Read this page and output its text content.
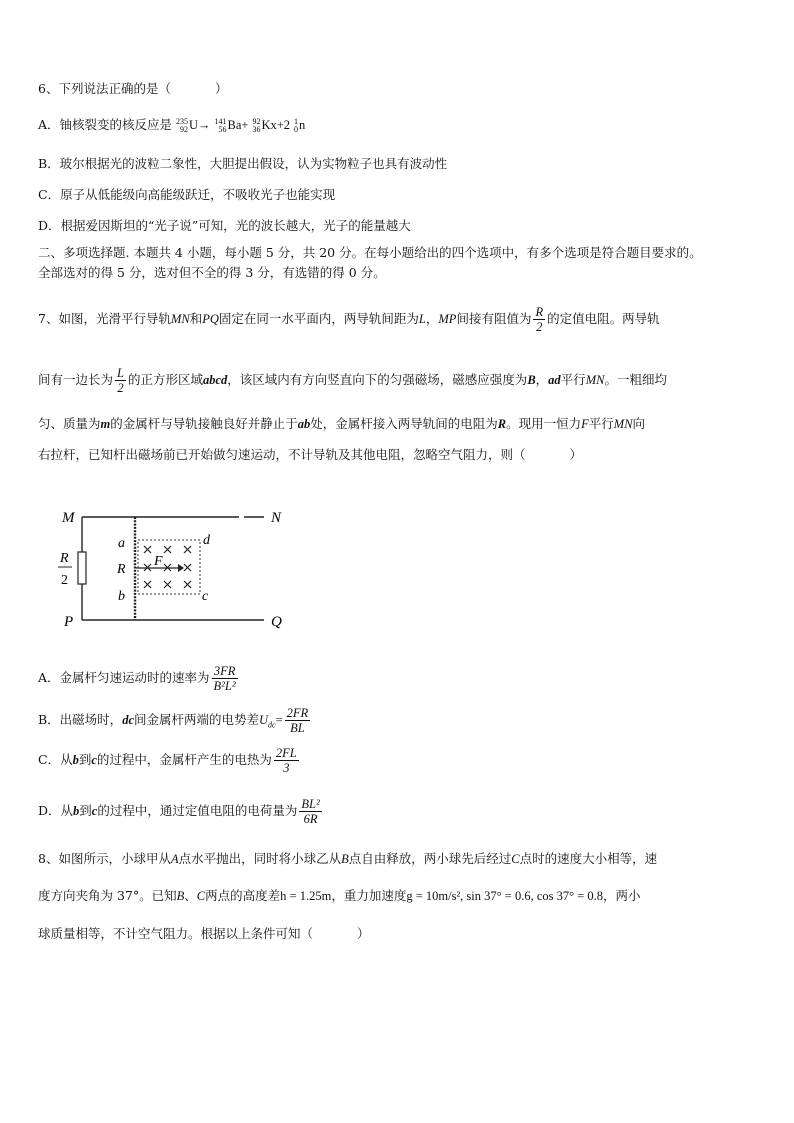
6、下列说法正确的是（	）
A．铀核裂变的核反应是 235
92 U→ 141
56 Ba+ 92
36 Kx+2 1
0 n
B．玻尔根据光的波粒二象性，大胆提出假设，认为实物粒子也具有波动性
C．原子从低能级向高能级跃迁，不吸收光子也能实现
D．根据爱因斯坦的“光子说”可知，光的波长越大，光子的能量越大
二、多项选择题. 本题共 4 小题，每小题 5 分，共 20 分。在每小题给出的四个选项中，有多个选项是符合题目要求的。
全部选对的得 5 分，选对但不全的得 3 分，有选错的得 0 分。
7、如图，光滑平行导轨MN和PQ固定在同一水平面内，两导轨间距为L，MP间接有阻值为 $\frac{R}{2}$ 的定值电阻。两导轨
间有一边长为 $\frac{L}{2}$ 的正方形区域abcd，该区域内有方向竖直向下的匀强磁场，磁感应强度为B，ad平行MN。一粗细均
匀、质量为m的金属杆与导轨接触良好并静止于ab处，金属杆接入两导轨间的电阻为R。现用一恒力F平行MN向
右拉杆，已知杆出磁场前已开始做匀速运动，不计导轨及其他电阻，忽略空气阻力，则（	）
M	N
P	Q
R
2
a
R
b
d
c
F
A．金属杆匀速运动时的速率为 $\frac{3FR}{\text{B²L²}}$
B．出磁场时，dc间金属杆两端的电势差$U_{dc}= \frac{2FR}{BL}$
C．从b到c的过程中，金属杆产生的电热为 $\frac{2FL}{3}$
D．从b到c的过程中，通过定值电阻的电荷量为 $\frac{\text{BL²}}{6R}$
8、如图所示，小球甲从A点水平抛出，同时将小球乙从B点自由释放，两小球先后经过C点时的速度大小相等，速
度方向夹角为 37°。已知B、C两点的高度差h = 1.25m，重力加速度g = 10m/s², sin 37° = 0.6, cos 37° = 0.8，两小
球质量相等，不计空气阻力。根据以上条件可知（	）
